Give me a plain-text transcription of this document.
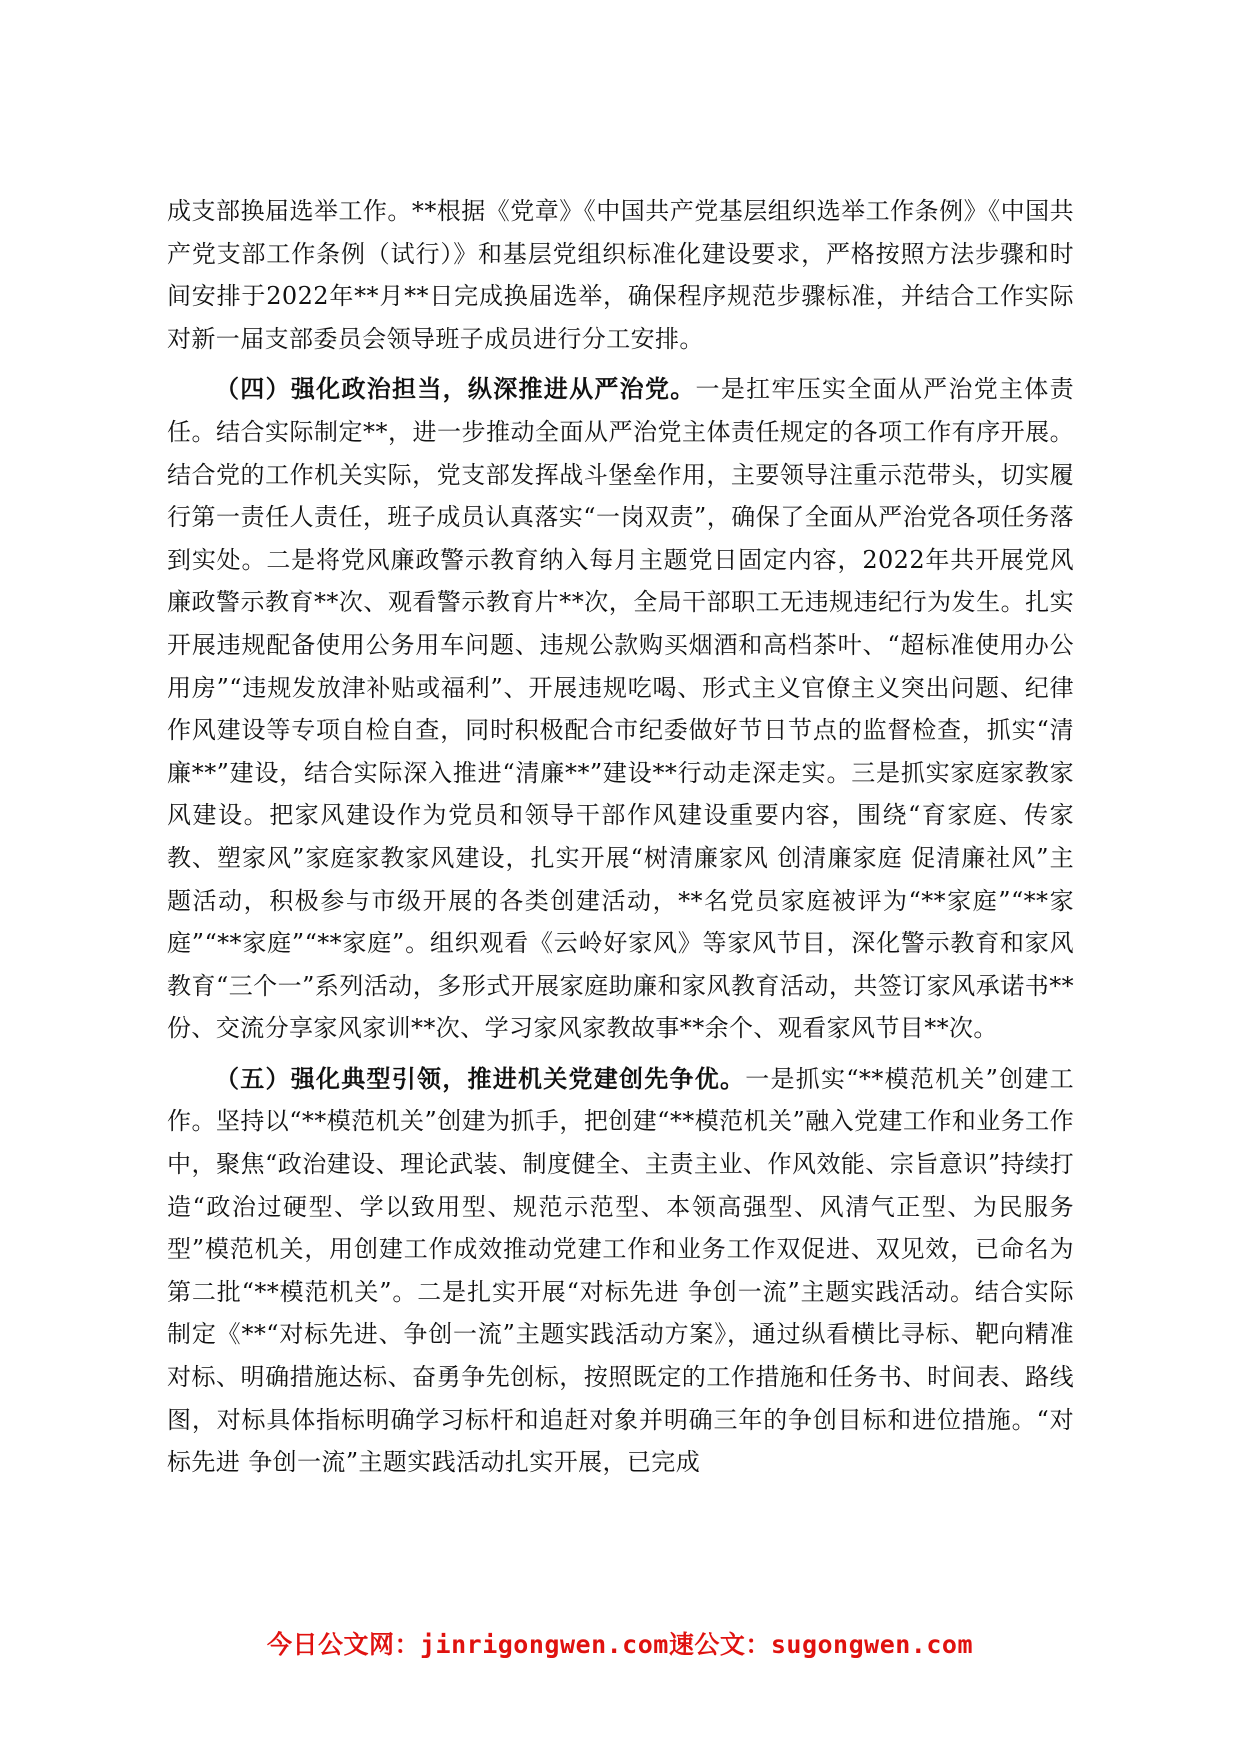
成支部换届选举工作。**根据《党章》《中国共产党基层组织选举工作条例》《中国共产党支部工作条例（试行）》和基层党组织标准化建设要求，严格按照方法步骤和时间安排于2022年**月**日完成换届选举，确保程序规范步骤标准，并结合工作实际对新一届支部委员会领导班子成员进行分工安排。

（四）强化政治担当，纵深推进从严治党。一是扛牢压实全面从严治党主体责任。结合实际制定**，进一步推动全面从严治党主体责任规定的各项工作有序开展。结合党的工作机关实际，党支部发挥战斗堡垒作用，主要领导注重示范带头，切实履行第一责任人责任，班子成员认真落实“一岗双责”，确保了全面从严治党各项任务落到实处。二是将党风廉政警示教育纳入每月主题党日固定内容，2022年共开展党风廉政警示教育**次、观看警示教育片**次，全局干部职工无违规违纪行为发生。扎实开展违规配备使用公务用车问题、违规公款购买烟酒和高档茶叶、“超标准使用办公用房”“违规发放津补贴或福利”、开展违规吃喝、形式主义官僚主义突出问题、纪律作风建设等专项自检自查，同时积极配合市纪委做好节日节点的监督检查，抓实“清廉**”建设，结合实际深入推进“清廉**”建设**行动走深走实。三是抓实家庭家教家风建设。把家风建设作为党员和领导干部作风建设重要内容，围绕“育家庭、传家教、塑家风”家庭家教家风建设，扎实开展“树清廉家风 创清廉家庭 促清廉社风”主题活动，积极参与市级开展的各类创建活动，**名党员家庭被评为“**家庭”“**家庭”“**家庭”“**家庭”。组织观看《云岭好家风》等家风节目，深化警示教育和家风教育“三个一”系列活动，多形式开展家庭助廉和家风教育活动，共签订家风承诺书**份、交流分享家风家训**次、学习家风家教故事**余个、观看家风节目**次。

（五）强化典型引领，推进机关党建创先争优。一是抓实“**模范机关”创建工作。坚持以“**模范机关”创建为抓手，把创建“**模范机关”融入党建工作和业务工作中，聚焦“政治建设、理论武装、制度健全、主责主业、作风效能、宗旨意识”持续打造“政治过硬型、学以致用型、规范示范型、本领高强型、风清气正型、为民服务型”模范机关，用创建工作成效推动党建工作和业务工作双促进、双见效，已命名为第二批“**模范机关”。二是扎实开展“对标先进 争创一流”主题实践活动。结合实际制定《**“对标先进、争创一流”主题实践活动方案》，通过纵看横比寻标、靶向精准对标、明确措施达标、奋勇争先创标，按照既定的工作措施和任务书、时间表、路线图，对标具体指标明确学习标杆和追赶对象并明确三年的争创目标和进位措施。“对标先进 争创一流”主题实践活动扎实开展，已完成

今日公文网：jinrigongwen.com速公文：sugongwen.com
